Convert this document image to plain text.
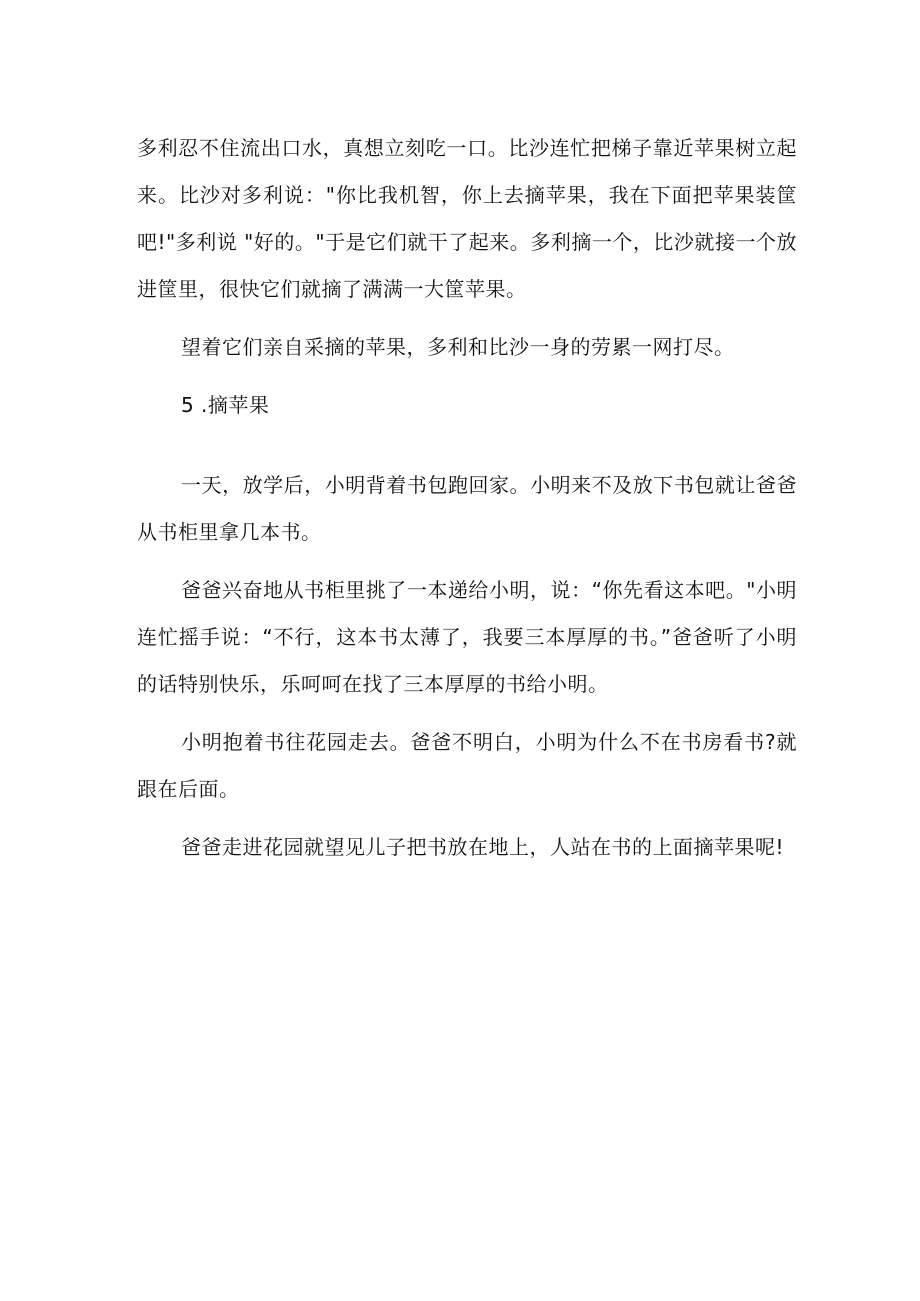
多利忍不住流出口水，真想立刻吃一口。比沙连忙把梯子靠近苹果树立起来。比沙对多利说："你比我机智，你上去摘苹果，我在下面把苹果装筐吧!"多利说 "好的。"于是它们就干了起来。多利摘一个，比沙就接一个放进筐里，很快它们就摘了满满一大筐苹果。

望着它们亲自采摘的苹果，多利和比沙一身的劳累一网打尽。

5 .摘苹果

一天，放学后，小明背着书包跑回家。小明来不及放下书包就让爸爸从书柜里拿几本书。

爸爸兴奋地从书柜里挑了一本递给小明，说：“你先看这本吧。"小明连忙摇手说：“不行，这本书太薄了，我要三本厚厚的书。”爸爸听了小明的话特别快乐，乐呵呵在找了三本厚厚的书给小明。

小明抱着书往花园走去。爸爸不明白，小明为什么不在书房看书?就跟在后面。

爸爸走进花园就望见儿子把书放在地上，人站在书的上面摘苹果呢!
